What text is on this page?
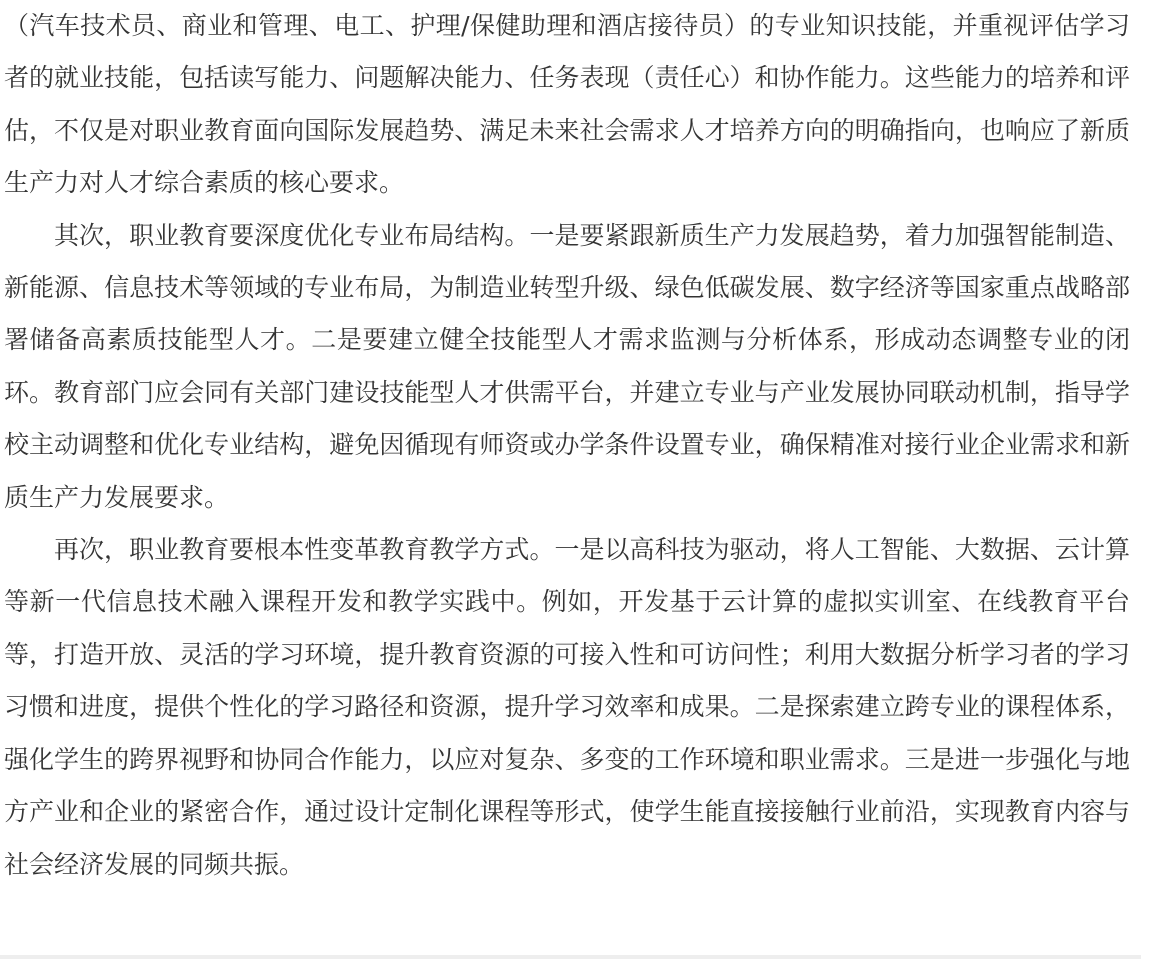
（汽车技术员、商业和管理、电工、护理/保健助理和酒店接待员）的专业知识技能，并重视评估学习者的就业技能，包括读写能力、问题解决能力、任务表现（责任心）和协作能力。这些能力的培养和评估，不仅是对职业教育面向国际发展趋势、满足未来社会需求人才培养方向的明确指向，也响应了新质生产力对人才综合素质的核心要求。

其次，职业教育要深度优化专业布局结构。一是要紧跟新质生产力发展趋势，着力加强智能制造、新能源、信息技术等领域的专业布局，为制造业转型升级、绿色低碳发展、数字经济等国家重点战略部署储备高素质技能型人才。二是要建立健全技能型人才需求监测与分析体系，形成动态调整专业的闭环。教育部门应会同有关部门建设技能型人才供需平台，并建立专业与产业发展协同联动机制，指导学校主动调整和优化专业结构，避免因循现有师资或办学条件设置专业，确保精准对接行业企业需求和新质生产力发展要求。

再次，职业教育要根本性变革教育教学方式。一是以高科技为驱动，将人工智能、大数据、云计算等新一代信息技术融入课程开发和教学实践中。例如，开发基于云计算的虚拟实训室、在线教育平台等，打造开放、灵活的学习环境，提升教育资源的可接入性和可访问性；利用大数据分析学习者的学习习惯和进度，提供个性化的学习路径和资源，提升学习效率和成果。二是探索建立跨专业的课程体系，强化学生的跨界视野和协同合作能力，以应对复杂、多变的工作环境和职业需求。三是进一步强化与地方产业和企业的紧密合作，通过设计定制化课程等形式，使学生能直接接触行业前沿，实现教育内容与社会经济发展的同频共振。
